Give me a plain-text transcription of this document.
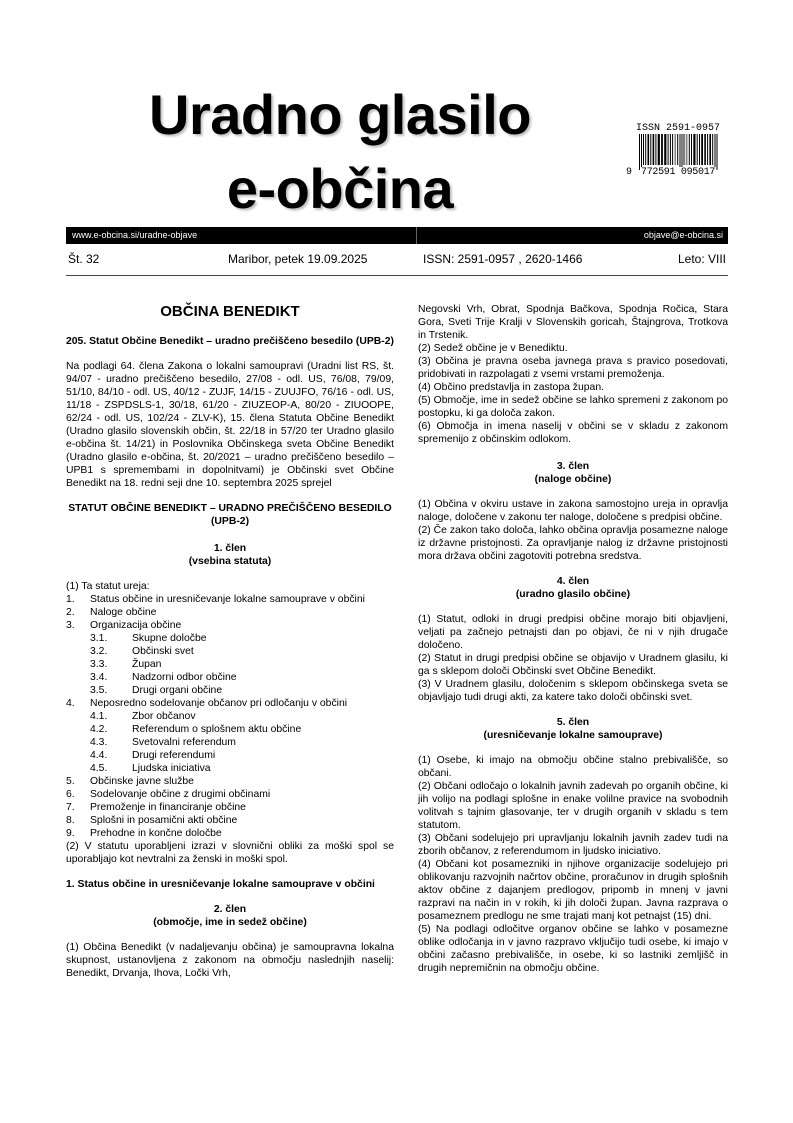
Uradno glasilo
e-občina
ISSN 2591-0957
9 772591 095017
www.e-obcina.si/uradne-objave	objave@e-obcina.si
Št. 32	Maribor, petek 19.09.2025	ISSN: 2591-0957 , 2620-1466	Leto: VIII
OBČINA BENEDIKT
205. Statut Občine Benedikt – uradno prečiščeno besedilo (UPB-2)

Na podlagi 64. člena Zakona o lokalni samoupravi (Uradni list RS, št. 94/07 - uradno prečiščeno besedilo, 27/08 - odl. US, 76/08, 79/09, 51/10, 84/10 - odl. US, 40/12 - ZUJF, 14/15 - ZUUJFO, 76/16 - odl. US, 11/18 - ZSPDSLS-1, 30/18, 61/20 - ZIUZEOP-A, 80/20 - ZIUOOPE, 62/24 - odl. US, 102/24 - ZLV-K), 15. člena Statuta Občine Benedikt (Uradno glasilo slovenskih občin, št. 22/18 in 57/20 ter Uradno glasilo e-občina št. 14/21) in Poslovnika Občinskega sveta Občine Benedikt (Uradno glasilo e-občina, št. 20/2021 – uradno prečiščeno besedilo – UPB1 s spremembami in dopolnitvami) je Občinski svet Občine Benedikt na 18. redni seji dne 10. septembra 2025 sprejel

STATUT OBČINE BENEDIKT – URADNO PREČIŠČENO BESEDILO (UPB-2)
1. člen
(vsebina statuta)

(1) Ta statut ureja:

1. Status občine in uresničevanje lokalne samouprave v občini
2. Naloge občine
3. Organizacija občine
3.1. Skupne določbe
3.2. Občinski svet
3.3. Župan
3.4. Nadzorni odbor občine
3.5. Drugi organi občine
4. Neposredno sodelovanje občanov pri odločanju v občini
4.1. Zbor občanov
4.2. Referendum o splošnem aktu občine
4.3. Svetovalni referendum
4.4. Drugi referendumi
4.5. Ljudska iniciativa
5. Občinske javne službe
6. Sodelovanje občine z drugimi občinami
7. Premoženje in financiranje občine
8. Splošni in posamični akti občine
9. Prehodne in končne določbe

(2) V statutu uporabljeni izrazi v slovnični obliki za moški spol se uporabljajo kot nevtralni za ženski in moški spol.

1. Status občine in uresničevanje lokalne samouprave v občini
2. člen
(območje, ime in sedež občine)

(1) Občina Benedikt (v nadaljevanju občina) je samoupravna lokalna skupnost, ustanovljena z zakonom na območju naslednjih naselij: Benedikt, Drvanja, Ihova, Ločki Vrh,

Negovski Vrh, Obrat, Spodnja Bačkova, Spodnja Ročica, Stara Gora, Sveti Trije Kralji v Slovenskih goricah, Štajngrova, Trotkova in Trstenik.

(2) Sedež občine je v Benediktu.

(3) Občina je pravna oseba javnega prava s pravico posedovati, pridobivati in razpolagati z vsemi vrstami premoženja.

(4) Občino predstavlja in zastopa župan.

(5) Območje, ime in sedež občine se lahko spremeni z zakonom po postopku, ki ga določa zakon.

(6) Območja in imena naselij v občini se v skladu z zakonom spremenijo z občinskim odlokom.

3. člen
(naloge občine)

(1) Občina v okviru ustave in zakona samostojno ureja in opravlja naloge, določene v zakonu ter naloge, določene s predpisi občine.

(2) Če zakon tako določa, lahko občina opravlja posamezne naloge iz državne pristojnosti. Za opravljanje nalog iz državne pristojnosti mora država občini zagotoviti potrebna sredstva.

4. člen
(uradno glasilo občine)

(1) Statut, odloki in drugi predpisi občine morajo biti objavljeni, veljati pa začnejo petnajsti dan po objavi, če ni v njih drugače določeno.

(2) Statut in drugi predpisi občine se objavijo v Uradnem glasilu, ki ga s sklepom določi Občinski svet Občine Benedikt.

(3) V Uradnem glasilu, določenim s sklepom občinskega sveta se objavljajo tudi drugi akti, za katere tako določi občinski svet.

5. člen
(uresničevanje lokalne samouprave)

(1) Osebe, ki imajo na območju občine stalno prebivališče, so občani.

(2) Občani odločajo o lokalnih javnih zadevah po organih občine, ki jih volijo na podlagi splošne in enake volilne pravice na svobodnih volitvah s tajnim glasovanje, ter v drugih organih v skladu s tem statutom.

(3) Občani sodelujejo pri upravljanju lokalnih javnih zadev tudi na zborih občanov, z referendumom in ljudsko iniciativo.

(4) Občani kot posamezniki in njihove organizacije sodelujejo pri oblikovanju razvojnih načrtov občine, proračunov in drugih splošnih aktov občine z dajanjem predlogov, pripomb in mnenj v javni razpravi na način in v rokih, ki jih določi župan. Javna razprava o posameznem predlogu ne sme trajati manj kot petnajst (15) dni.

(5) Na podlagi odločitve organov občine se lahko v posamezne oblike odločanja in v javno razpravo vključijo tudi osebe, ki imajo v občini začasno prebivališče, in osebe, ki so lastniki zemljišč in drugih nepremičnin na območju občine.
